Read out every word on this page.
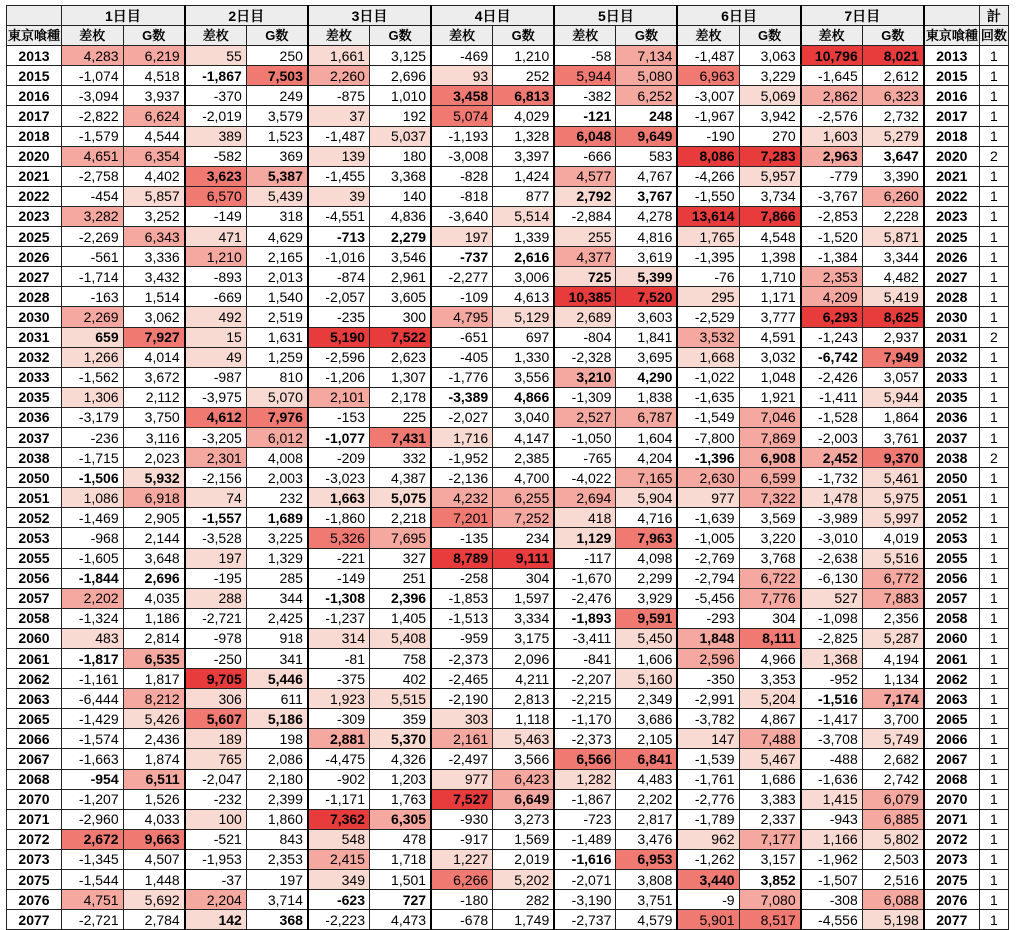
	1日目		2日目		3日目		4日目		5日目		6日目		7日目			計
東京喰種	差枚	G数	差枚	G数	差枚	G数	差枚	G数	差枚	G数	差枚	G数	差枚	G数	東京喰種	回数
2013	4,283	6,219	55	250	1,661	3,125	-469	1,210	-58	7,134	-1,487	3,063	10,796	8,021	2013	1
2015	-1,074	4,518	-1,867	7,503	2,260	2,696	93	252	5,944	5,080	6,963	3,229	-1,645	2,612	2015	1
2016	-3,094	3,937	-370	249	-875	1,010	3,458	6,813	-382	6,252	-3,007	5,069	2,862	6,323	2016	1
2017	-2,822	6,624	-2,019	3,579	37	192	5,074	4,029	-121	248	-1,967	3,942	-2,576	2,732	2017	1
2018	-1,579	4,544	389	1,523	-1,487	5,037	-1,193	1,328	6,048	9,649	-190	270	1,603	5,279	2018	1
2020	4,651	6,354	-582	369	139	180	-3,008	3,397	-666	583	8,086	7,283	2,963	3,647	2020	2
2021	-2,758	4,402	3,623	5,387	-1,455	3,368	-828	1,424	4,577	4,767	-4,266	5,957	-779	3,390	2021	1
2022	-454	5,857	6,570	5,439	39	140	-818	877	2,792	3,767	-1,550	3,734	-3,767	6,260	2022	1
2023	3,282	3,252	-149	318	-4,551	4,836	-3,640	5,514	-2,884	4,278	13,614	7,866	-2,853	2,228	2023	1
2025	-2,269	6,343	471	4,629	-713	2,279	197	1,339	255	4,816	1,765	4,548	-1,520	5,871	2025	1
2026	-561	3,336	1,210	2,165	-1,016	3,546	-737	2,616	4,377	3,619	-1,395	1,398	-1,384	3,344	2026	1
2027	-1,714	3,432	-893	2,013	-874	2,961	-2,277	3,006	725	5,399	-76	1,710	2,353	4,482	2027	1
2028	-163	1,514	-669	1,540	-2,057	3,605	-109	4,613	10,385	7,520	295	1,171	4,209	5,419	2028	1
2030	2,269	3,062	492	2,519	-235	300	4,795	5,129	2,689	3,603	-2,529	3,777	6,293	8,625	2030	1
2031	659	7,927	15	1,631	5,190	7,522	-651	697	-804	1,841	3,532	4,591	-1,243	2,937	2031	2
2032	1,266	4,014	49	1,259	-2,596	2,623	-405	1,330	-2,328	3,695	1,668	3,032	-6,742	7,949	2032	1
2033	-1,562	3,672	-987	810	-1,206	1,307	-1,776	3,556	3,210	4,290	-1,022	1,048	-2,426	3,057	2033	1
2035	1,306	2,112	-3,975	5,070	2,101	2,178	-3,389	4,866	-1,309	1,838	-1,635	1,921	-1,411	5,944	2035	1
2036	-3,179	3,750	4,612	7,976	-153	225	-2,027	3,040	2,527	6,787	-1,549	7,046	-1,528	1,864	2036	1
2037	-236	3,116	-3,205	6,012	-1,077	7,431	1,716	4,147	-1,050	1,604	-7,800	7,869	-2,003	3,761	2037	1
2038	-1,715	2,023	2,301	4,008	-209	332	-1,952	2,385	-765	4,204	-1,396	6,908	2,452	9,370	2038	2
2050	-1,506	5,932	-2,156	2,003	-3,023	4,387	-2,136	4,700	-4,022	7,165	2,630	6,599	-1,732	5,461	2050	1
2051	1,086	6,918	74	232	1,663	5,075	4,232	6,255	2,694	5,904	977	7,322	1,478	5,975	2051	1
2052	-1,469	2,905	-1,557	1,689	-1,860	2,218	7,201	7,252	418	4,716	-1,639	3,569	-3,989	5,997	2052	1
2053	-968	2,144	-3,528	3,225	5,326	7,695	-135	234	1,129	7,963	-1,005	3,220	-3,010	4,019	2053	1
2055	-1,605	3,648	197	1,329	-221	327	8,789	9,111	-117	4,098	-2,769	3,768	-2,638	5,516	2055	1
2056	-1,844	2,696	-195	285	-149	251	-258	304	-1,670	2,299	-2,794	6,722	-6,130	6,772	2056	1
2057	2,202	4,035	288	344	-1,308	2,396	-1,853	1,597	-2,476	3,929	-5,456	7,776	527	7,883	2057	1
2058	-1,324	1,186	-2,721	2,425	-1,237	1,405	-1,513	3,334	-1,893	9,591	-293	304	-1,098	2,356	2058	1
2060	483	2,814	-978	918	314	5,408	-959	3,175	-3,411	5,450	1,848	8,111	-2,825	5,287	2060	1
2061	-1,817	6,535	-250	341	-81	758	-2,373	2,096	-841	1,606	2,596	4,966	1,368	4,194	2061	1
2062	-1,161	1,817	9,705	5,446	-375	402	-2,465	4,211	-2,207	5,160	-350	3,353	-952	1,134	2062	1
2063	-6,444	8,212	306	611	1,923	5,515	-2,190	2,813	-2,215	2,349	-2,991	5,204	-1,516	7,174	2063	1
2065	-1,429	5,426	5,607	5,186	-309	359	303	1,118	-1,170	3,686	-3,782	4,867	-1,417	3,700	2065	1
2066	-1,574	2,436	189	198	2,881	5,370	2,161	5,463	-2,373	2,105	147	7,488	-3,708	5,749	2066	1
2067	-1,663	1,874	765	2,086	-4,475	4,326	-2,497	3,566	6,566	6,841	-1,539	5,467	-488	2,682	2067	1
2068	-954	6,511	-2,047	2,180	-902	1,203	977	6,423	1,282	4,483	-1,761	1,686	-1,636	2,742	2068	1
2070	-1,207	1,526	-232	2,399	-1,171	1,763	7,527	6,649	-1,867	2,202	-2,776	3,383	1,415	6,079	2070	1
2071	-2,960	4,033	100	1,860	7,362	6,305	-930	3,273	-723	2,817	-1,789	2,337	-943	6,885	2071	1
2072	2,672	9,663	-521	843	548	478	-917	1,569	-1,489	3,476	962	7,177	1,166	5,802	2072	1
2073	-1,345	4,507	-1,953	2,353	2,415	1,718	1,227	2,019	-1,616	6,953	-1,262	3,157	-1,962	2,503	2073	1
2075	-1,544	1,448	-37	197	349	1,501	6,266	5,202	-2,071	3,808	3,440	3,852	-1,507	2,516	2075	1
2076	4,751	5,692	2,204	3,714	-623	727	-180	282	-3,190	3,751	-9	7,080	-308	6,088	2076	1
2077	-2,721	2,784	142	368	-2,223	4,473	-678	1,749	-2,737	4,579	5,901	8,517	-4,556	5,198	2077	1
